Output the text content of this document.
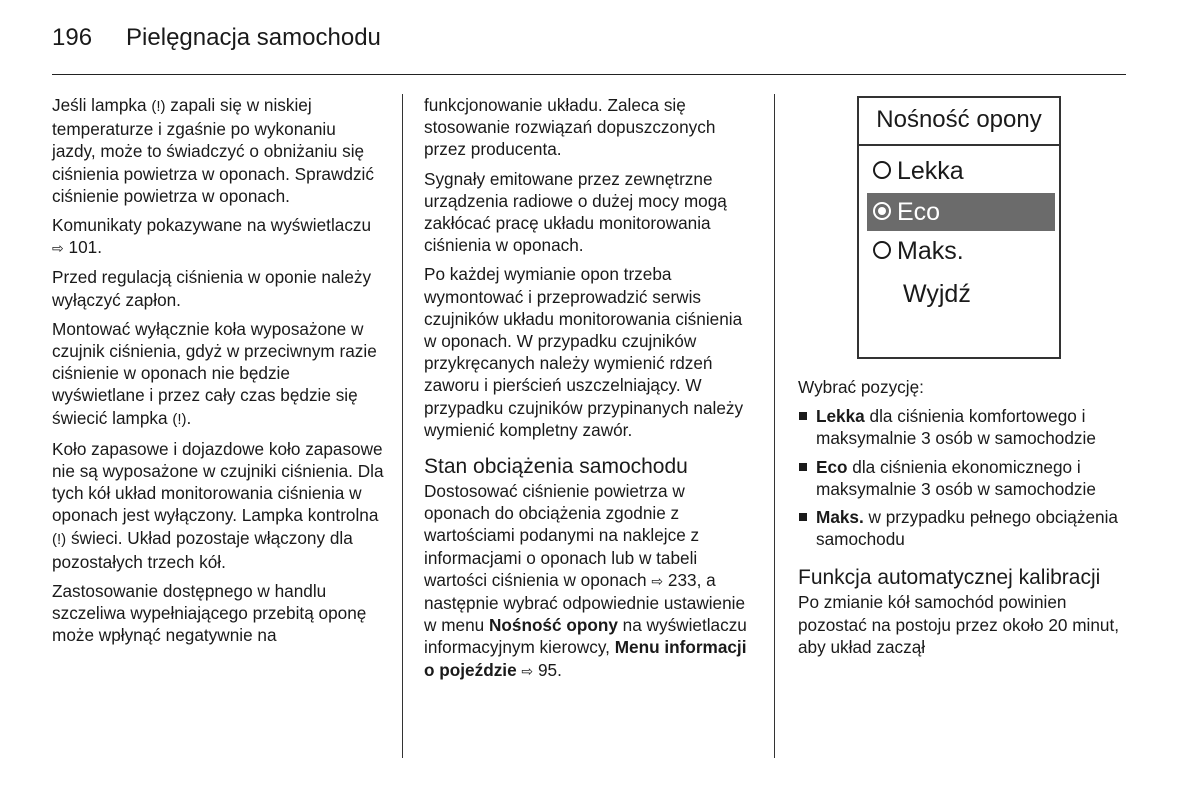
196 Pielęgnacja samochodu

Jeśli lampka (!) zapali się w niskiej temperaturze i zgaśnie po wykonaniu jazdy, może to świadczyć o obniżaniu się ciśnienia powietrza w oponach. Sprawdzić ciśnienie powietrza w oponach.

Komunikaty pokazywane na wyświetlaczu ⇨ 101.

Przed regulacją ciśnienia w oponie należy wyłączyć zapłon.

Montować wyłącznie koła wyposażone w czujnik ciśnienia, gdyż w przeciwnym razie ciśnienie w oponach nie będzie wyświetlane i przez cały czas będzie się świecić lampka (!).

Koło zapasowe i dojazdowe koło zapasowe nie są wyposażone w czujniki ciśnienia. Dla tych kół układ monitorowania ciśnienia w oponach jest wyłączony. Lampka kontrolna (!) świeci. Układ pozostaje włączony dla pozostałych trzech kół.

Zastosowanie dostępnego w handlu szczeliwa wypełniającego przebitą oponę może wpłynąć negatywnie na

funkcjonowanie układu. Zaleca się stosowanie rozwiązań dopuszczonych przez producenta.

Sygnały emitowane przez zewnętrzne urządzenia radiowe o dużej mocy mogą zakłócać pracę układu monitorowania ciśnienia w oponach.

Po każdej wymianie opon trzeba wymontować i przeprowadzić serwis czujników układu monitorowania ciśnienia w oponach. W przypadku czujników przykręcanych należy wymienić rdzeń zaworu i pierścień uszczelniający. W przypadku czujników przypinanych należy wymienić kompletny zawór.

Stan obciążenia samochodu

Dostosować ciśnienie powietrza w oponach do obciążenia zgodnie z wartościami podanymi na naklejce z informacjami o oponach lub w tabeli wartości ciśnienia w oponach ⇨ 233, a następnie wybrać odpowiednie ustawienie w menu Nośność opony na wyświetlaczu informacyjnym kierowcy, Menu informacji o pojeździe ⇨ 95.

Nośność opony
Lekka
Eco
Maks.
Wyjdź

Wybrać pozycję:

Lekka dla ciśnienia komfortowego i maksymalnie 3 osób w samochodzie
Eco dla ciśnienia ekonomicznego i maksymalnie 3 osób w samochodzie
Maks. w przypadku pełnego obciążenia samochodu
Funkcja automatycznej kalibracji

Po zmianie kół samochód powinien pozostać na postoju przez około 20 minut, aby układ zaczął
